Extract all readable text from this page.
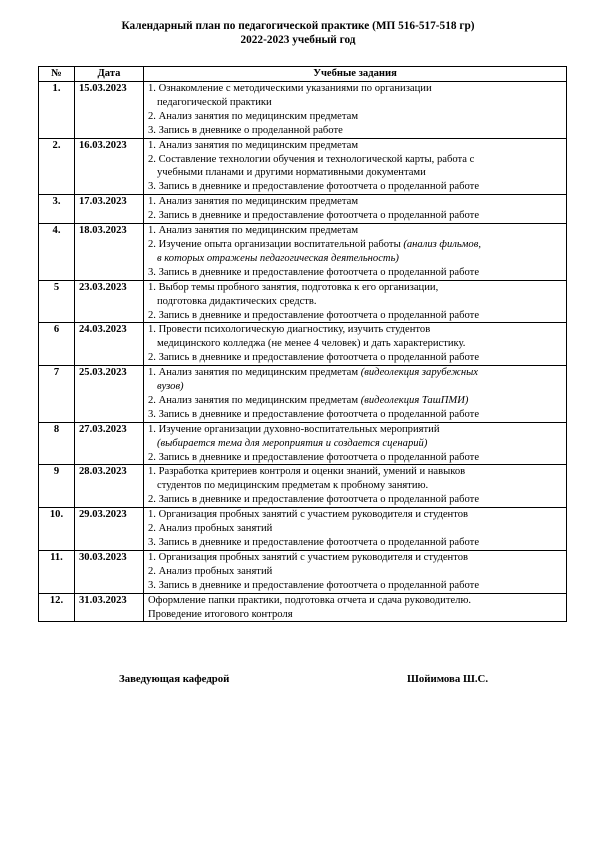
Календарный план по педагогической практике (МП 516-517-518 гр)
2022-2023 учебный год
№	Дата	Учебные задания
1.	15.03.2023	1. Ознакомление с методическими указаниями по организации
педагогической практики
2. Анализ занятия по медицинским предметам
3. Запись в дневнике о проделанной работе

2.	16.03.2023	1. Анализ занятия по медицинским предметам
2. Составление технологии обучения и технологической карты, работа с
учебными планами и другими нормативными документами
3. Запись в дневнике и предоставление фотоотчета о проделанной работе

3.	17.03.2023	1. Анализ занятия по медицинским предметам
2. Запись в дневнике и предоставление фотоотчета о проделанной работе

4.	18.03.2023	1. Анализ занятия по медицинским предметам
2. Изучение опыта организации воспитательной работы (анализ фильмов,
в которых отражены педагогическая деятельность)
3. Запись в дневнике и предоставление фотоотчета о проделанной работе

5	23.03.2023	1. Выбор темы пробного занятия, подготовка к его организации,
подготовка дидактических средств.
2. Запись в дневнике и предоставление фотоотчета о проделанной работе

6	24.03.2023	1. Провести психологическую диагностику, изучить студентов
медицинского колледжа (не менее 4 человек) и дать характеристику.
2. Запись в дневнике и предоставление фотоотчета о проделанной работе

7	25.03.2023	1. Анализ занятия по медицинским предметам (видеолекция зарубежных
вузов)
2. Анализ занятия по медицинским предметам (видеолекция ТашПМИ)
3. Запись в дневнике и предоставление фотоотчета о проделанной работе

8	27.03.2023	1. Изучение организации духовно-воспитательных мероприятий
(выбирается тема для мероприятия и создается сценарий)
2. Запись в дневнике и предоставление фотоотчета о проделанной работе

9	28.03.2023	1. Разработка критериев контроля и оценки знаний, умений и навыков
студентов по медицинским предметам к пробному занятию.
2. Запись в дневнике и предоставление фотоотчета о проделанной работе

10.	29.03.2023	1. Организация пробных занятий с участием руководителя и студентов
2. Анализ пробных занятий
3. Запись в дневнике и предоставление фотоотчета о проделанной работе

11.	30.03.2023	1. Организация пробных занятий с участием руководителя и студентов
2. Анализ пробных занятий
3. Запись в дневнике и предоставление фотоотчета о проделанной работе

12.	31.03.2023	Оформление папки практики, подготовка отчета и сдача руководителю.
Проведение итогового контроля
Заведующая кафедрой	Шойимова Ш.С.
